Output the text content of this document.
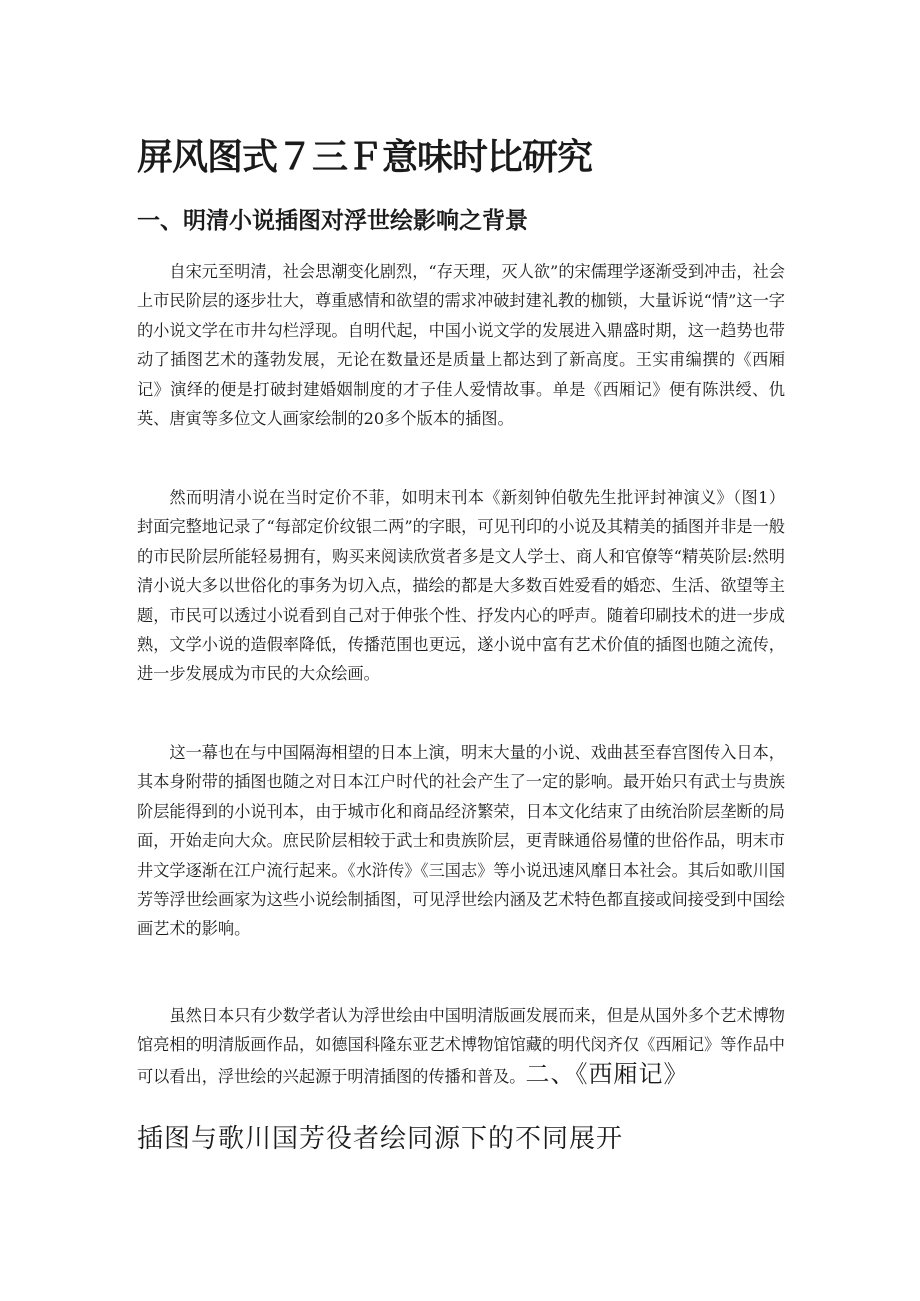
屏风图式７三Ｆ意味时比研究
一、明清小说插图对浮世绘影响之背景

自宋元至明清，社会思潮变化剧烈，“存天理，灭人欲”的宋儒理学逐渐受到冲击，社会上市民阶层的逐步壮大，尊重感情和欲望的需求冲破封建礼教的枷锁，大量诉说“情”这一字的小说文学在市井勾栏浮现。自明代起，中国小说文学的发展进入鼎盛时期，这一趋势也带动了插图艺术的蓬勃发展，无论在数量还是质量上都达到了新高度。王实甫编撰的《西厢记》演绎的便是打破封建婚姻制度的才子佳人爱情故事。单是《西厢记》便有陈洪绶、仇英、唐寅等多位文人画家绘制的20多个版本的插图。

然而明清小说在当时定价不菲，如明末刊本《新刻钟伯敬先生批评封神演义》（图1）封面完整地记录了“每部定价纹银二两”的字眼，可见刊印的小说及其精美的插图并非是一般的市民阶层所能轻易拥有，购买来阅读欣赏者多是文人学士、商人和官僚等“精英阶层:然明清小说大多以世俗化的事务为切入点，描绘的都是大多数百姓爱看的婚恋、生活、欲望等主题，市民可以透过小说看到自己对于伸张个性、抒发内心的呼声。随着印刷技术的进一步成熟，文学小说的造假率降低，传播范围也更远，遂小说中富有艺术价值的插图也随之流传，进一步发展成为市民的大众绘画。

这一幕也在与中国隔海相望的日本上演，明末大量的小说、戏曲甚至春宫图传入日本，其本身附带的插图也随之对日本江户时代的社会产生了一定的影响。最开始只有武士与贵族阶层能得到的小说刊本，由于城市化和商品经济繁荣，日本文化结束了由统治阶层垄断的局面，开始走向大众。庶民阶层相较于武士和贵族阶层，更青睐通俗易懂的世俗作品，明末市井文学逐渐在江户流行起来。《水浒传》《三国志》等小说迅速风靡日本社会。其后如歌川国芳等浮世绘画家为这些小说绘制插图，可见浮世绘内涵及艺术特色都直接或间接受到中国绘画艺术的影响。

虽然日本只有少数学者认为浮世绘由中国明清版画发展而来，但是从国外多个艺术博物馆亮相的明清版画作品，如德国科隆东亚艺术博物馆馆藏的明代闵齐仅《西厢记》等作品中可以看出，浮世绘的兴起源于明清插图的传播和普及。二、《西厢记》

插图与歌川国芳役者绘同源下的不同展开
